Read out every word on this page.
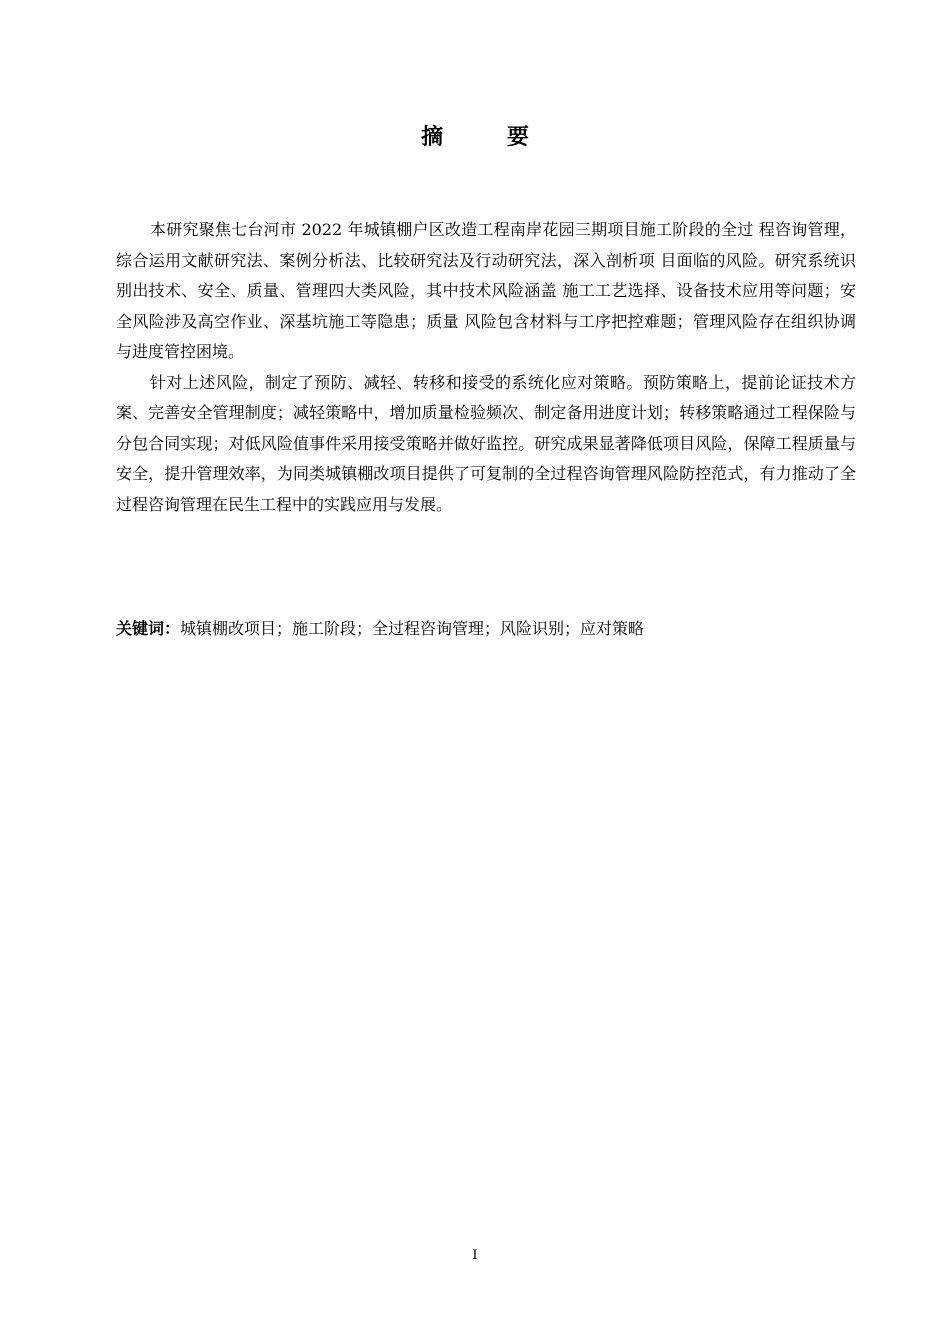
摘 要

本研究聚焦七台河市 2022 年城镇棚户区改造工程南岸花园三期项目施工阶段的全过 程咨询管理，综合运用文献研究法、案例分析法、比较研究法及行动研究法，深入剖析项 目面临的风险。研究系统识别出技术、安全、质量、管理四大类风险，其中技术风险涵盖 施工工艺选择、设备技术应用等问题；安全风险涉及高空作业、深基坑施工等隐患；质量 风险包含材料与工序把控难题；管理风险存在组织协调与进度管控困境。

针对上述风险，制定了预防、减轻、转移和接受的系统化应对策略。预防策略上，提前论证技术方案、完善安全管理制度；减轻策略中，增加质量检验频次、制定备用进度计划；转移策略通过工程保险与分包合同实现；对低风险值事件采用接受策略并做好监控。研究成果显著降低项目风险，保障工程质量与安全，提升管理效率，为同类城镇棚改项目提供了可复制的全过程咨询管理风险防控范式，有力推动了全过程咨询管理在民生工程中的实践应用与发展。

关键词：城镇棚改项目；施工阶段；全过程咨询管理；风险识别；应对策略
I
